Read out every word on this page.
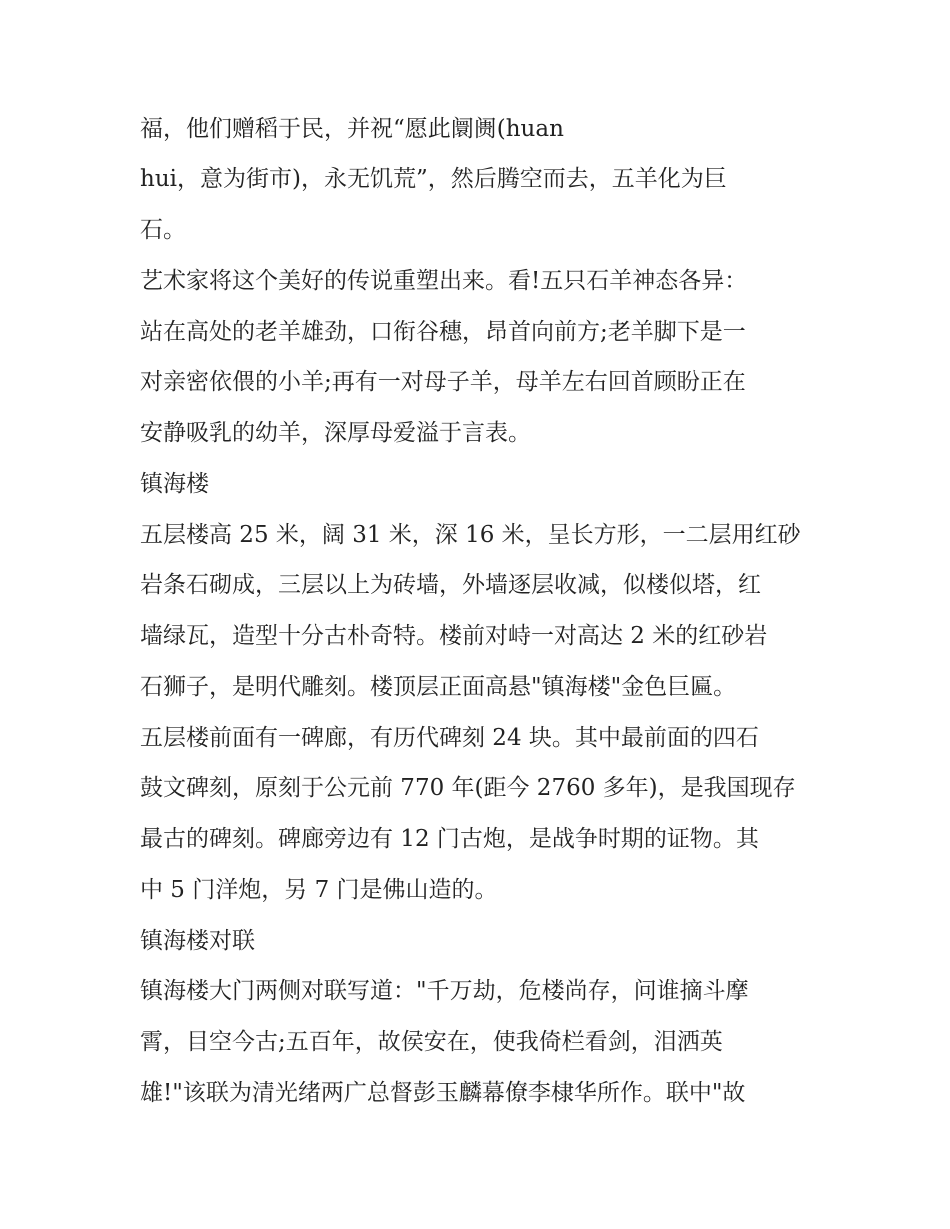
福，他们赠稻于民，并祝“愿此阛阓(huan
hui，意为街市)，永无饥荒”，然后腾空而去，五羊化为巨
石。
艺术家将这个美好的传说重塑出来。看!五只石羊神态各异：
站在高处的老羊雄劲，口衔谷穗，昂首向前方;老羊脚下是一
对亲密依偎的小羊;再有一对母子羊，母羊左右回首顾盼正在
安静吸乳的幼羊，深厚母爱溢于言表。
镇海楼
五层楼高 25 米，阔 31 米，深 16 米，呈长方形，一二层用红砂
岩条石砌成，三层以上为砖墙，外墙逐层收减，似楼似塔，红
墙绿瓦，造型十分古朴奇特。楼前对峙一对高达 2 米的红砂岩
石狮子，是明代雕刻。楼顶层正面高悬"镇海楼"金色巨匾。
五层楼前面有一碑廊，有历代碑刻 24 块。其中最前面的四石
鼓文碑刻，原刻于公元前 770 年(距今 2760 多年)，是我国现存
最古的碑刻。碑廊旁边有 12 门古炮，是战争时期的证物。其
中 5 门洋炮，另 7 门是佛山造的。
镇海楼对联
镇海楼大门两侧对联写道："千万劫，危楼尚存，问谁摘斗摩
霄，目空今古;五百年，故侯安在，使我倚栏看剑，泪洒英
雄!"该联为清光绪两广总督彭玉麟幕僚李棣华所作。联中"故
